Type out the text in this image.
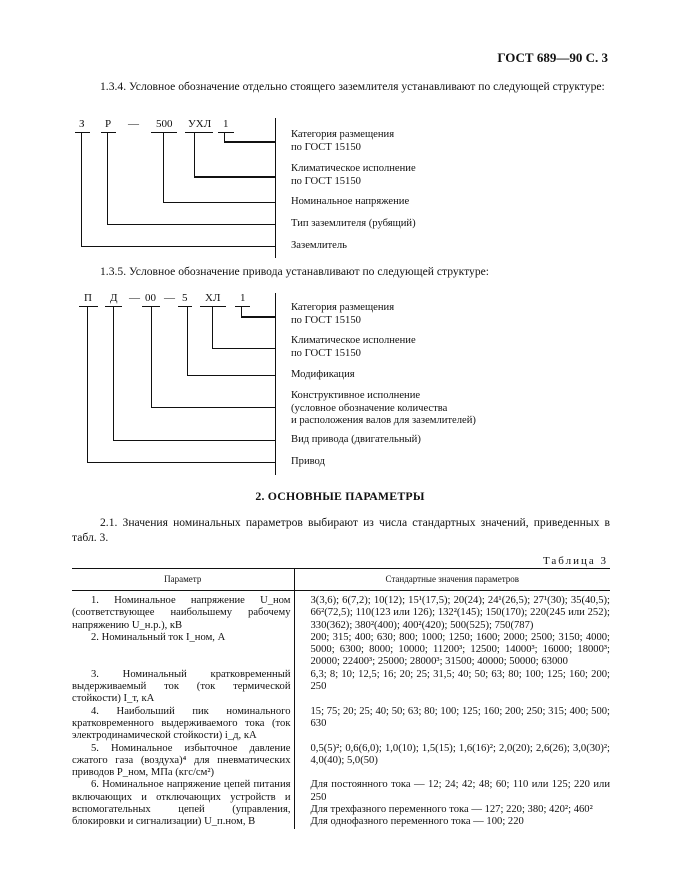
ГОСТ 689—90 С. 3
1.3.4. Условное обозначение отдельно стоящего заземлителя устанавливают по следующей структуре:
З Р — 500 УХЛ 1
Категория размещения
по ГОСТ 15150
Климатическое исполнение
по ГОСТ 15150
Номинальное напряжение
Тип заземлителя (рубящий)
Заземлитель
1.3.5. Условное обозначение привода устанавливают по следующей структуре:
П Д — 00 — 5 ХЛ 1
Категория размещения
по ГОСТ 15150
Климатическое исполнение
по ГОСТ 15150
Модификация
Конструктивное исполнение
(условное обозначение количества
и расположения валов для заземлителей)
Вид привода (двигательный)
Привод
2. ОСНОВНЫЕ ПАРАМЕТРЫ
2.1. Значения номинальных параметров выбирают из числа стандартных значений, приведенных в табл. 3.
Таблица 3
Параметр	Стандартные значения параметров
1. Номинальное напряжение U_ном (соответствующее наибольшему рабочему напряжению U_н.р.), кВ	3(3,6); 6(7,2); 10(12); 15¹(17,5); 20(24); 24¹(26,5); 27¹(30); 35(40,5); 66²(72,5); 110(123 или 126); 132²(145); 150(170); 220(245 или 252); 330(362); 380²(400); 400²(420); 500(525); 750(787)

2. Номинальный ток I_ном, А	200; 315; 400; 630; 800; 1000; 1250; 1600; 2000; 2500; 3150; 4000; 5000; 6300; 8000; 10000; 11200³; 12500; 14000³; 16000; 18000³; 20000; 22400³; 25000; 28000³; 31500; 40000; 50000; 63000

3. Номинальный кратковременный выдерживаемый ток (ток термической стойкости) I_т, кА	6,3; 8; 10; 12,5; 16; 20; 25; 31,5; 40; 50; 63; 80; 100; 125; 160; 200; 250

4. Наибольший пик номинального кратковременного выдерживаемого тока (ток электродинамической стойкости) i_д, кА	15; 75; 20; 25; 40; 50; 63; 80; 100; 125; 160; 200; 250; 315; 400; 500; 630

5. Номинальное избыточное давление сжатого газа (воздуха)⁴ для пневматических приводов P_ном, МПа (кгс/см²)	0,5(5)²; 0,6(6,0); 1,0(10); 1,5(15); 1,6(16)²; 2,0(20); 2,6(26); 3,0(30)²; 4,0(40); 5,0(50)

6. Номинальное напряжение цепей питания включающих и отключающих устройств и вспомогательных цепей (управления, блокировки и сигнализации) U_п.ном, В	Для постоянного тока — 12; 24; 42; 48; 60; 110 или 125; 220 или 250
Для трехфазного переменного тока — 127; 220; 380; 420²; 460²
Для однофазного переменного тока — 100; 220
